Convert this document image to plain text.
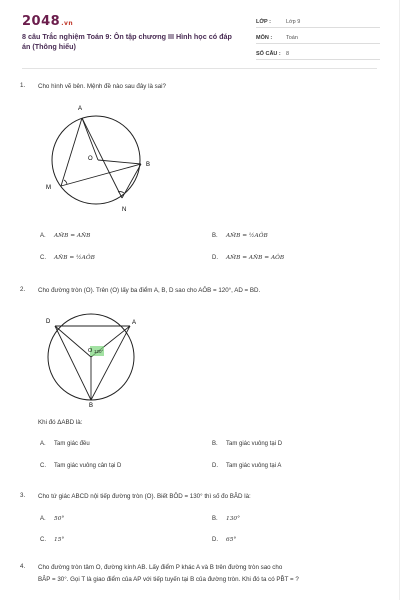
2048.vn
8 câu Trắc nghiệm Toán 9: Ôn tập chương III Hình học có đáp án (Thông hiểu)
LỚP :	Lớp 9
MÔN :	Toán
SỐ CÂU : 8
1. Cho hình vẽ bên. Mệnh đề nào sau đây là sai?
A
O
B
M
N
A. AM̂B = AN̂B	B. AM̂B = ½AÔB
C. AN̂B = ½AÔB	D. AM̂B = AN̂B = AÔB
2. Cho đường tròn (O). Trên (O) lấy ba điểm A, B, D sao cho AÔB = 120°, AD = BD.
120°
D	A
O
B
Khi đó ΔABD là:
A. Tam giác đều	B. Tam giác vuông tại D
C. Tam giác vuông cân tại D	D. Tam giác vuông tại A
3. Cho tứ giác ABCD nội tiếp đường tròn (O). Biết BÔD = 130° thì số đo BÂD là:
A. 50°	B. 130°
C. 15°	D. 65°
4. Cho đường tròn tâm O, đường kính AB. Lấy điểm P khác A và B trên đường tròn sao cho
BÂP = 30°. Gọi T là giao điểm của AP với tiếp tuyến tại B của đường tròn. Khi đó ta có PB̂T = ?
